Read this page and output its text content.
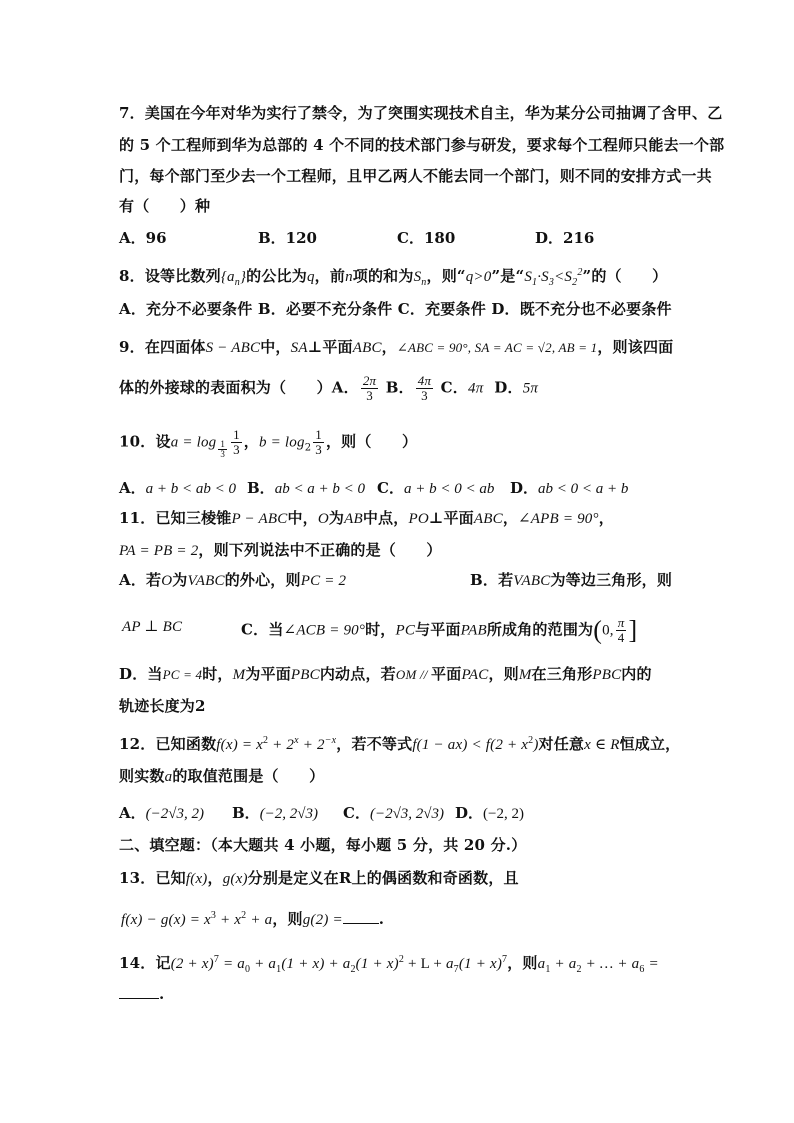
7．美国在今年对华为实行了禁令，为了突围实现技术自主，华为某分公司抽调了含甲、乙
的 5 个工程师到华为总部的 4 个不同的技术部门参与研发，要求每个工程师只能去一个部
门，每个部门至少去一个工程师，且甲乙两人不能去同一个部门，则不同的安排方式一共
有（　　）种
A．96	B．120	C．180	D．216
8．设等比数列$\{a_n\}$的公比为q，前n项的和为$S_n$，则“q>0”是“$S_1\cdot S_3<S_2^2$”的（　　）
A．充分不必要条件 B．必要不充分条件 C．充要条件 D．既不充分也不必要条件
9．在四面体S − ABC中，SA⊥平面ABC，∠ABC = 90°, SA = AC = √2, AB = 1，则该四面
体的外接球的表面积为（　　）A． $\frac{2\pi}{3}$ B． $\frac{4\pi}{3}$ C．4π D．5π
10．设$a = \log \frac{1}{3} \frac{1}{3}$ ，$b = \log_2 \frac{1}{3}$ ，则（　　）
A．a + b < ab < 0 B．ab < a + b < 0 C．a + b < 0 < ab D．ab < 0 < a + b
11．已知三棱锥P − ABC中，O为AB中点，PO⊥平面ABC，∠APB = 90°，
PA = PB = 2，则下列说法中不正确的是（　　）
A．若O为VABC的外心，则PC = 2	B．若VABC为等边三角形，则
AP ⊥ BC	C．当∠ACB = 90°时，PC与平面PAB所成角的范围为(0, $\frac{\pi}{4}$ ]
D．当PC = 4时，M为平面PBC内动点，若OM // 平面PAC，则M在三角形PBC内的
轨迹长度为2
12．已知函数$f(x) = x^2 + 2^x + 2^{-x}$，若不等式$f(1 - ax) < f(2 + x^2)$对任意x ∈ R恒成立，
则实数a的取值范围是（　　）
A．(−2√3, 2) B．(−2, 2√3) C．(−2√3, 2√3) D．(−2, 2)
二、填空题：（本大题共 4 小题，每小题 5 分，共 20 分.）
13．已知f(x)，g(x)分别是定义在R上的偶函数和奇函数，且
$f(x) - g(x) = x^3 + x^2 + a$，则g(2) = .
14．记$(2 + x)^7 = a_0 + a_1(1 + x) + a_2(1 + x)^2 + L + a_7(1 + x)^7$，则$a_1 + a_2$ + … + $a_6$ =
.
